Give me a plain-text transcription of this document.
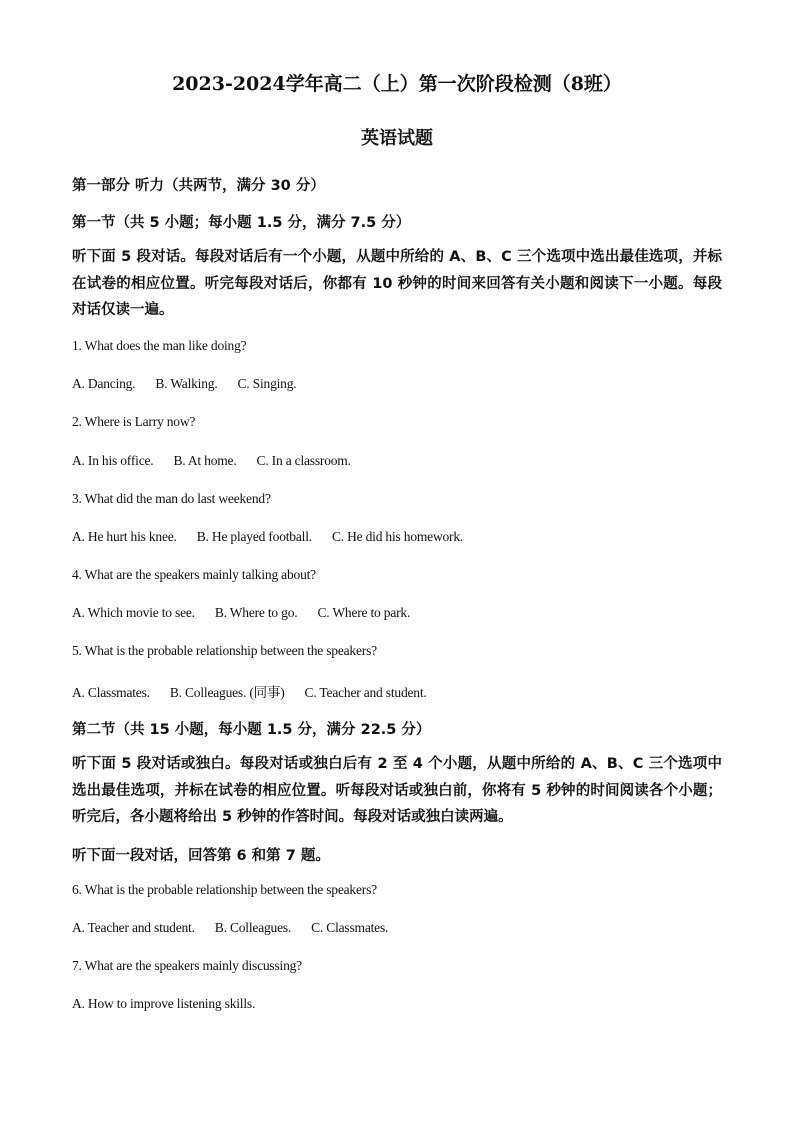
2023-2024学年高二（上）第一次阶段检测（8班）
英语试题
第一部分 听力（共两节，满分 30 分）
第一节（共 5 小题；每小题 1.5 分，满分 7.5 分）
听下面 5 段对话。每段对话后有一个小题，从题中所给的 A、B、C 三个选项中选出最佳选项，并标在试卷的相应位置。听完每段对话后，你都有 10 秒钟的时间来回答有关小题和阅读下一小题。每段对话仅读一遍。
1. What does the man like doing?
A. Dancing. B. Walking. C. Singing.
2. Where is Larry now?
A. In his office. B. At home. C. In a classroom.
3. What did the man do last weekend?
A. He hurt his knee. B. He played football. C. He did his homework.
4. What are the speakers mainly talking about?
A. Which movie to see. B. Where to go. C. Where to park.
5. What is the probable relationship between the speakers?
A. Classmates. B. Colleagues. (同事) C. Teacher and student.
第二节（共 15 小题，每小题 1.5 分，满分 22.5 分）
听下面 5 段对话或独白。每段对话或独白后有 2 至 4 个小题，从题中所给的 A、B、C 三个选项中选出最佳选项，并标在试卷的相应位置。听每段对话或独白前，你将有 5 秒钟的时间阅读各个小题；听完后，各小题将给出 5 秒钟的作答时间。每段对话或独白读两遍。
听下面一段对话，回答第 6 和第 7 题。
6. What is the probable relationship between the speakers?
A. Teacher and student. B. Colleagues. C. Classmates.
7. What are the speakers mainly discussing?
A. How to improve listening skills.
